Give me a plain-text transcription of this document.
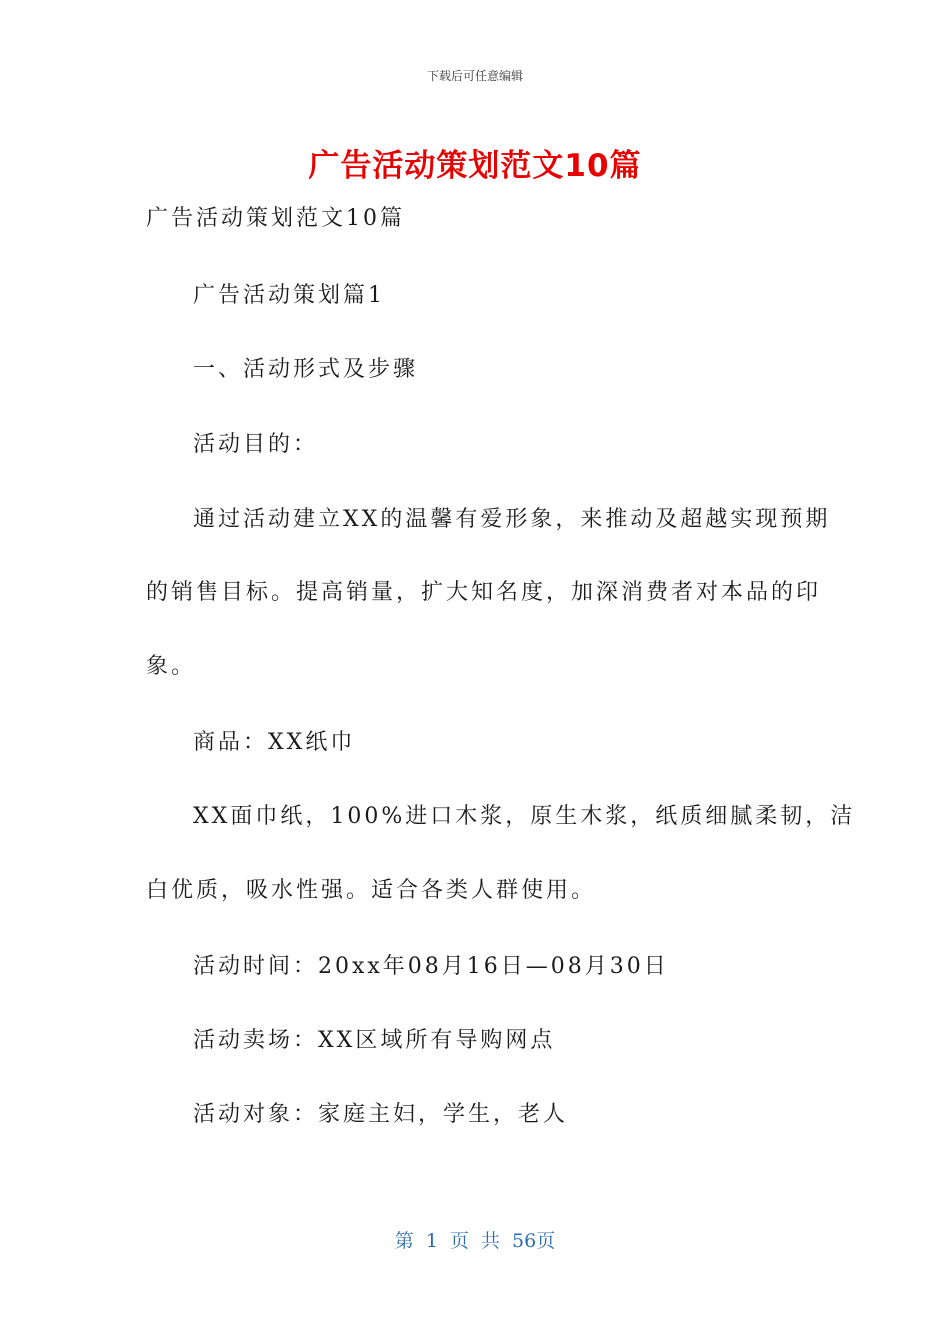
下载后可任意编辑
广告活动策划范文10篇
广告活动策划范文10篇
广告活动策划篇1
一、活动形式及步骤
活动目的：
通过活动建立XX的温馨有爱形象，来推动及超越实现预期
的销售目标。提高销量，扩大知名度，加深消费者对本品的印
象。
商品：XX纸巾
XX面巾纸，100%进口木浆，原生木浆，纸质细腻柔韧，洁
白优质，吸水性强。适合各类人群使用。
活动时间：20xx年08月16日—08月30日
活动卖场：XX区域所有导购网点
活动对象：家庭主妇，学生，老人
第 1 页 共 56页
